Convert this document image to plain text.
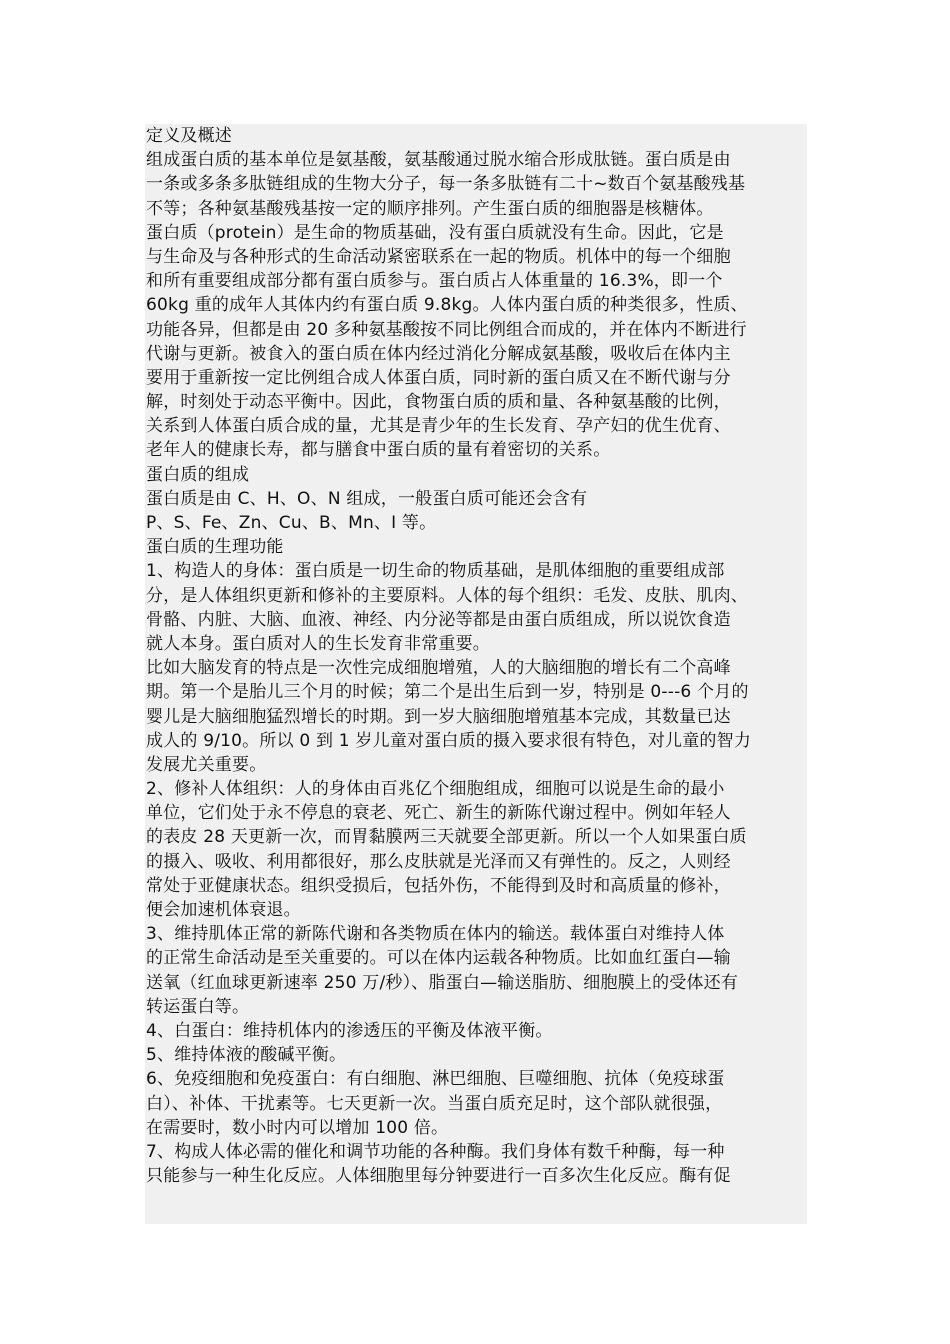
定义及概述
组成蛋白质的基本单位是氨基酸，氨基酸通过脱水缩合形成肽链。蛋白质是由
一条或多条多肽链组成的生物大分子，每一条多肽链有二十~数百个氨基酸残基
不等；各种氨基酸残基按一定的顺序排列。产生蛋白质的细胞器是核糖体。
蛋白质（protein）是生命的物质基础，没有蛋白质就没有生命。因此，它是
与生命及与各种形式的生命活动紧密联系在一起的物质。机体中的每一个细胞
和所有重要组成部分都有蛋白质参与。蛋白质占人体重量的 16.3%，即一个
60kg 重的成年人其体内约有蛋白质 9.8kg。人体内蛋白质的种类很多，性质、
功能各异，但都是由 20 多种氨基酸按不同比例组合而成的，并在体内不断进行
代谢与更新。被食入的蛋白质在体内经过消化分解成氨基酸，吸收后在体内主
要用于重新按一定比例组合成人体蛋白质，同时新的蛋白质又在不断代谢与分
解，时刻处于动态平衡中。因此，食物蛋白质的质和量、各种氨基酸的比例，
关系到人体蛋白质合成的量，尤其是青少年的生长发育、孕产妇的优生优育、
老年人的健康长寿，都与膳食中蛋白质的量有着密切的关系。
蛋白质的组成
蛋白质是由 C、H、O、N 组成，一般蛋白质可能还会含有
P、S、Fe、Zn、Cu、B、Mn、I 等。
蛋白质的生理功能
1、构造人的身体：蛋白质是一切生命的物质基础，是肌体细胞的重要组成部
分，是人体组织更新和修补的主要原料。人体的每个组织：毛发、皮肤、肌肉、
骨骼、内脏、大脑、血液、神经、内分泌等都是由蛋白质组成，所以说饮食造
就人本身。蛋白质对人的生长发育非常重要。
比如大脑发育的特点是一次性完成细胞增殖，人的大脑细胞的增长有二个高峰
期。第一个是胎儿三个月的时候；第二个是出生后到一岁，特别是 0---6 个月的
婴儿是大脑细胞猛烈增长的时期。到一岁大脑细胞增殖基本完成，其数量已达
成人的 9/10。所以 0 到 1 岁儿童对蛋白质的摄入要求很有特色，对儿童的智力
发展尤关重要。
2、修补人体组织：人的身体由百兆亿个细胞组成，细胞可以说是生命的最小
单位，它们处于永不停息的衰老、死亡、新生的新陈代谢过程中。例如年轻人
的表皮 28 天更新一次，而胃黏膜两三天就要全部更新。所以一个人如果蛋白质
的摄入、吸收、利用都很好，那么皮肤就是光泽而又有弹性的。反之，人则经
常处于亚健康状态。组织受损后，包括外伤，不能得到及时和高质量的修补，
便会加速机体衰退。
3、维持肌体正常的新陈代谢和各类物质在体内的输送。载体蛋白对维持人体
的正常生命活动是至关重要的。可以在体内运载各种物质。比如血红蛋白—输
送氧（红血球更新速率 250 万/秒）、脂蛋白—输送脂肪、细胞膜上的受体还有
转运蛋白等。
4、白蛋白：维持机体内的渗透压的平衡及体液平衡。
5、维持体液的酸碱平衡。
6、免疫细胞和免疫蛋白：有白细胞、淋巴细胞、巨噬细胞、抗体（免疫球蛋
白）、补体、干扰素等。七天更新一次。当蛋白质充足时，这个部队就很强，
在需要时，数小时内可以增加 100 倍。
7、构成人体必需的催化和调节功能的各种酶。我们身体有数千种酶，每一种
只能参与一种生化反应。人体细胞里每分钟要进行一百多次生化反应。酶有促
